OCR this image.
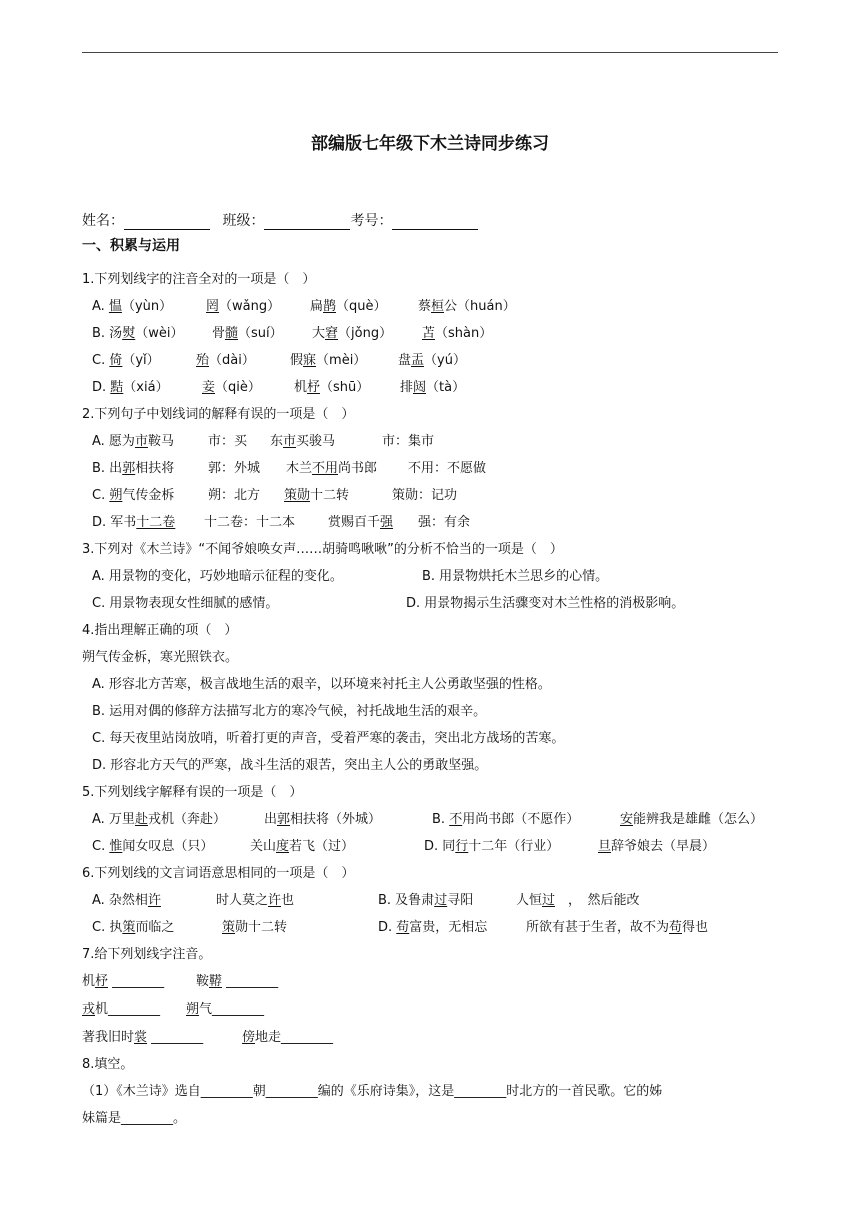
部编版七年级下木兰诗同步练习
姓名：	班级：	考号：
一、积累与运用
1.下列划线字的注音全对的一项是（　）
A. 愠（yùn）	罔（wǎng） 扁鹊（què） 蔡桓公（huán）
B. 汤熨（wèi） 骨髓（suí） 大窘（jǒng） 苫（shàn）
C. 倚（yǐ）	殆（dài）	假寐（mèi） 盘盂（yú）
D. 黠（xiá）	妾（qiè）	机杼（shū） 排闼（tà）
2.下列句子中划线词的解释有误的一项是（　）
A. 愿为市鞍马	市：买 东市买骏马	市：集市
B. 出郭相扶将	郭：外城 木兰不用尚书郎 不用：不愿做
C. 朔气传金柝	朔：北方 策勋十二转	策勋：记功
D. 军书十二卷 十二卷：十二本	赏赐百千强 强：有余
3.下列对《木兰诗》“不闻爷娘唤女声……胡骑鸣啾啾”的分析不恰当的一项是（　）
A. 用景物的变化，巧妙地暗示征程的变化。	B. 用景物烘托木兰思乡的心情。
C. 用景物表现女性细腻的感情。	D. 用景物揭示生活骤变对木兰性格的消极影响。
4.指出理解正确的项（　）
朔气传金柝，寒光照铁衣。
A. 形容北方苦寒，极言战地生活的艰辛，以环境来衬托主人公勇敢坚强的性格。
B. 运用对偶的修辞方法描写北方的寒冷气候，衬托战地生活的艰辛。
C. 每天夜里站岗放哨，听着打更的声音，受着严寒的袭击，突出北方战场的苦寒。
D. 形容北方天气的严寒，战斗生活的艰苦，突出主人公的勇敢坚强。
5.下列划线字解释有误的一项是（　）
A. 万里赴戎机（奔赴）	出郭相扶将（外城）	B. 不用尚书郎（不愿作）	安能辨我是雄雌（怎么）
C. 惟闻女叹息（只）	关山度若飞（过）	D. 同行十二年（行业）	旦辞爷娘去（早晨）
6.下列划线的文言词语意思相同的一项是（　）
A. 杂然相许	时人莫之许也	B. 及鲁肃过寻阳	人恒过　，　然后能改
C. 执策而临之	策勋十二转	D. 苟富贵，无相忘	所欲有甚于生者，故不为苟得也
7.给下列划线字注音。
机杼 ________ 鞍鞯 ________
戎机________ 朔气________
著我旧时裳 ________	傍地走________
8.填空。
（1）《木兰诗》选自________朝________编的《乐府诗集》，这是________时北方的一首民歌。它的姊
妹篇是________。
